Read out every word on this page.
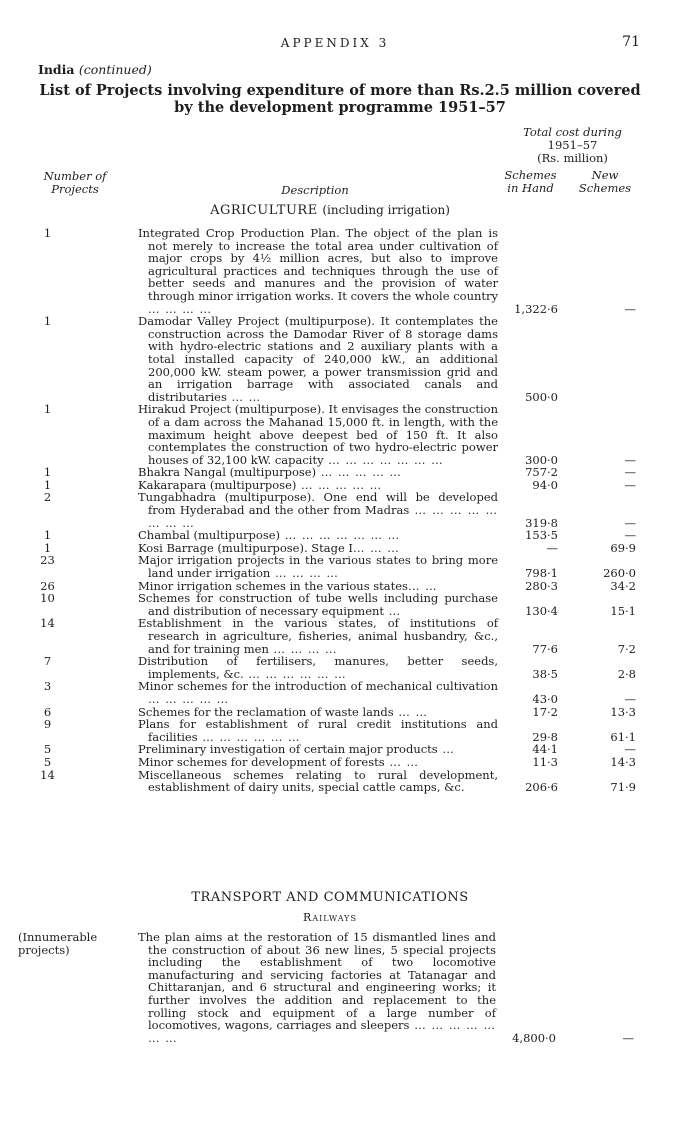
APPENDIX 3	71
India (continued)
List of Projects involving expenditure of more than Rs.2.5 million covered by the development programme 1951–57
Number of
Projects	Description
Total cost during
1951–57
(Rs. million)
Schemes
in Hand
New
Schemes
AGRICULTURE (including irrigation)
1	Integrated Crop Production Plan. The object of the plan is not merely to increase the total area under cultivation of major crops by 4½ million acres, but also to improve agricultural practices and techniques through the use of better seeds and manures and the provision of water through minor irrigation works. It covers the whole country … … … …	1,322·6	—
1	Damodar Valley Project (multipurpose). It contemplates the construction across the Damodar River of 8 storage dams with hydro-electric stations and 2 auxiliary plants with a total installed capacity of 240,000 kW., an additional 200,000 kW. steam power, a power transmission grid and an irrigation barrage with associated canals and distributaries … …	500·0
1	Hirakud Project (multipurpose). It envisages the construction of a dam across the Mahanad 15,000 ft. in length, with the maximum height above deepest bed of 150 ft. It also contemplates the construction of two hydro-electric power houses of 32,100 kW. capacity … … … … … … …	300·0	—
1	Bhakra Nangal (multipurpose) … … … … …	757·2	—
1	Kakarapara (multipurpose) … … … … …	94·0	—
2	Tungabhadra (multipurpose). One end will be developed from Hyderabad and the other from Madras … … … … … … … …	319·8	—
1	Chambal (multipurpose) … … … … … … …	153·5	—
1	Kosi Barrage (multipurpose). Stage I… … …	—	69·9
23	Major irrigation projects in the various states to bring more land under irrigation … … … …	798·1	260·0
26	Minor irrigation schemes in the various states… …	280·3	34·2
10	Schemes for construction of tube wells including purchase and distribution of necessary equipment …	130·4	15·1
14	Establishment in the various states, of institutions of research in agriculture, fisheries, animal husbandry, &c., and for training men … … … …	77·6	7·2
7	Distribution of fertilisers, manures, better seeds, implements, &c. … … … … … …	38·5	2·8
3	Minor schemes for the introduction of mechanical cultivation … … … … …	43·0	—
6	Schemes for the reclamation of waste lands … …	17·2	13·3
9	Plans for establishment of rural credit institutions and facilities … … … … … …	29·8	61·1
5	Preliminary investigation of certain major products …	44·1	—
5	Minor schemes for development of forests … …	11·3	14·3
14	Miscellaneous schemes relating to rural development, establishment of dairy units, special cattle camps, &c.	206·6	71·9
TRANSPORT AND COMMUNICATIONS
Railways
(Innumerable projects)
The plan aims at the restoration of 15 dismantled lines and the construction of about 36 new lines, 5 special projects including the establishment of two locomotive manufacturing and servicing factories at Tatanagar and Chittaranjan, and 6 structural and engineering works; it further involves the addition and replacement to the rolling stock and equipment of a large number of locomotives, wagons, carriages and sleepers … … … … … … …	4,800·0	—
